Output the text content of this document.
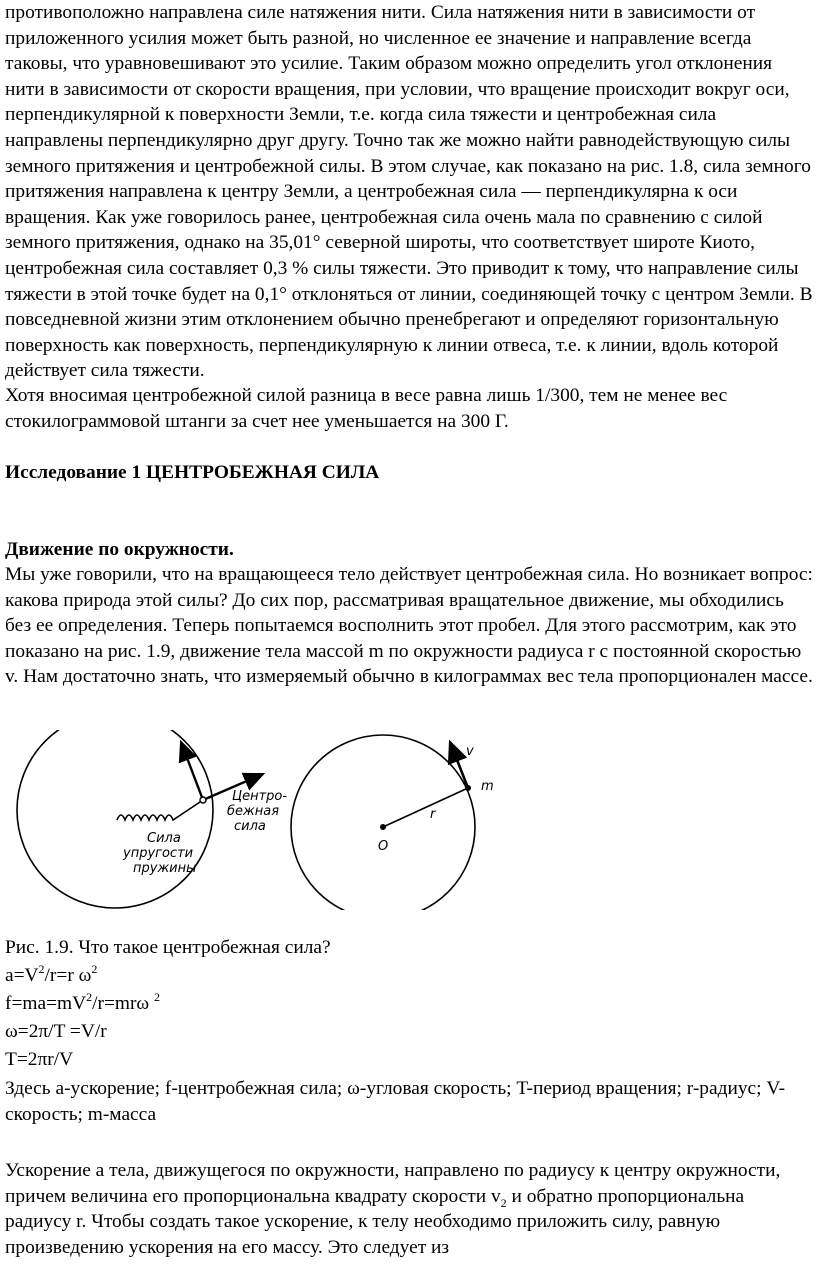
противоположно направлена силе натяжения нити. Сила натяжения нити в зависимости от приложенного усилия может быть разной, но численное ее значение и направление всегда таковы, что уравновешивают это усилие. Таким образом можно определить угол отклонения нити в зависимости от скорости вращения, при условии, что вращение происходит вокруг оси, перпендикулярной к поверхности Земли, т.е. когда сила тяжести и центробежная сила направлены перпендикулярно друг другу. Точно так же можно найти равнодействующую силы земного притяжения и центробежной силы. В этом случае, как показано на рис. 1.8, сила земного притяжения направлена к центру Земли, а центробежная сила — перпендикулярна к оси вращения. Как уже говорилось ранее, центробежная сила очень мала по сравнению с силой земного притяжения, однако на 35,01° северной широты, что соответствует широте Киото, центробежная сила составляет 0,3 % силы тяжести. Это приводит к тому, что направление силы тяжести в этой точке будет на 0,1° отклоняться от линии, соединяющей точку с центром Земли. В повседневной жизни этим отклонением обычно пренебрегают и определяют горизонтальную поверхность как поверхность, перпендикулярную к линии отвеса, т.е. к линии, вдоль которой действует сила тяжести.

Хотя вносимая центробежной силой разница в весе равна лишь 1/300, тем не менее вес стокилограммовой штанги за счет нее уменьшается на 300 Г.

Исследование 1 ЦЕНТРОБЕЖНАЯ СИЛА

Движение по окружности.

Мы уже говорили, что на вращающееся тело действует центробежная сила. Но возникает вопрос: какова природа этой силы? До сих пор, рассматривая вращательное движение, мы обходились без ее определения. Теперь попытаемся восполнить этот пробел. Для этого рассмотрим, как это показано на рис. 1.9, движение тела массой m по окружности радиуса r с постоянной скоростью v. Нам достаточно знать, что измеряемый обычно в килограммах вес тела пропорционален массе.

Центро-
бежная
сила
Сила
упругости
пружины
v
m
r
O

Рис. 1.9. Что такое центробежная сила?

$a=V^2/r=r$ $\omega^2$

$f=ma=mV^2/r=mr\omega$ $^2$

ω=2π/T =V/r

T=2πr/V

Здесь a-ускорение; f-центробежная сила; ω-угловая скорость; T-период вращения; r-радиус; V-скорость; m-масса

Ускорение a тела, движущегося по окружности, направлено по радиусу к центру окружности, причем величина его пропорциональна квадрату скорости $v_2$ и обратно пропорциональна радиусу r. Чтобы создать такое ускорение, к телу необходимо приложить силу, равную произведению ускорения на его массу. Это следует из
